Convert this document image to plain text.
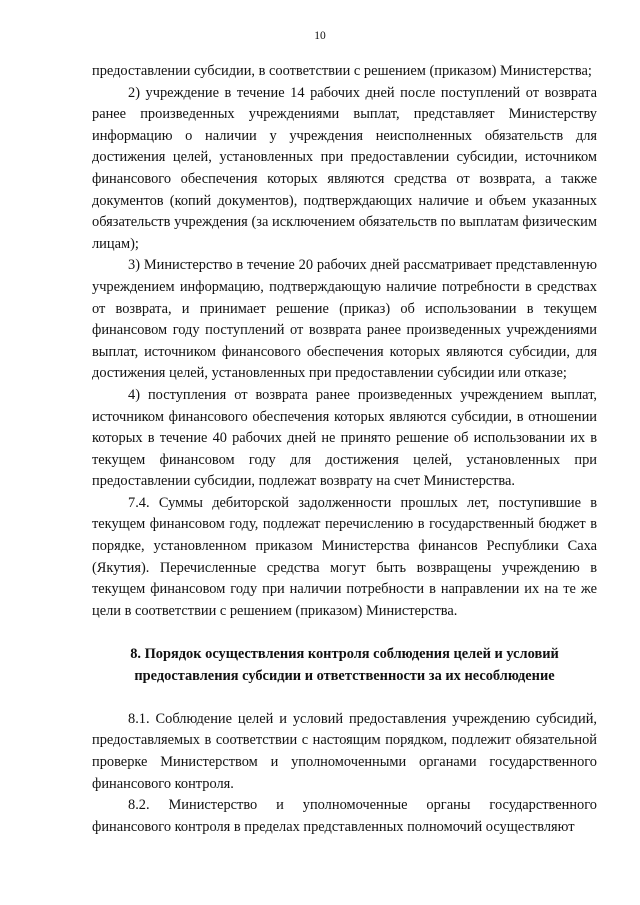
10

предоставлении субсидии, в соответствии с решением (приказом) Министерства;

2) учреждение в течение 14 рабочих дней после поступлений от возврата ранее произведенных учреждениями выплат, представляет Министерству информацию о наличии у учреждения неисполненных обязательств для достижения целей, установленных при предоставлении субсидии, источником финансового обеспечения которых являются средства от возврата, а также документов (копий документов), подтверждающих наличие и объем указанных обязательств учреждения (за исключением обязательств по выплатам физическим лицам);

3) Министерство в течение 20 рабочих дней рассматривает представленную учреждением информацию, подтверждающую наличие потребности в средствах от возврата, и принимает решение (приказ) об использовании в текущем финансовом году поступлений от возврата ранее произведенных учреждениями выплат, источником финансового обеспечения которых являются субсидии, для достижения целей, установленных при предоставлении субсидии или отказе;

4) поступления от возврата ранее произведенных учреждением выплат, источником финансового обеспечения которых являются субсидии, в отношении которых в течение 40 рабочих дней не принято решение об использовании их в текущем финансовом году для достижения целей, установленных при предоставлении субсидии, подлежат возврату на счет Министерства.

7.4. Суммы дебиторской задолженности прошлых лет, поступившие в текущем финансовом году, подлежат перечислению в государственный бюджет в порядке, установленном приказом Министерства финансов Республики Саха (Якутия). Перечисленные средства могут быть возвращены учреждению в текущем финансовом году при наличии потребности в направлении их на те же цели в соответствии с решением (приказом) Министерства.

8. Порядок осуществления контроля соблюдения целей и условий

предоставления субсидии и ответственности за их несоблюдение

8.1. Соблюдение целей и условий предоставления учреждению субсидий, предоставляемых в соответствии с настоящим порядком, подлежит обязательной проверке Министерством и уполномоченными органами государственного финансового контроля.

8.2. Министерство и уполномоченные органы государственного финансового контроля в пределах представленных полномочий осуществляют
